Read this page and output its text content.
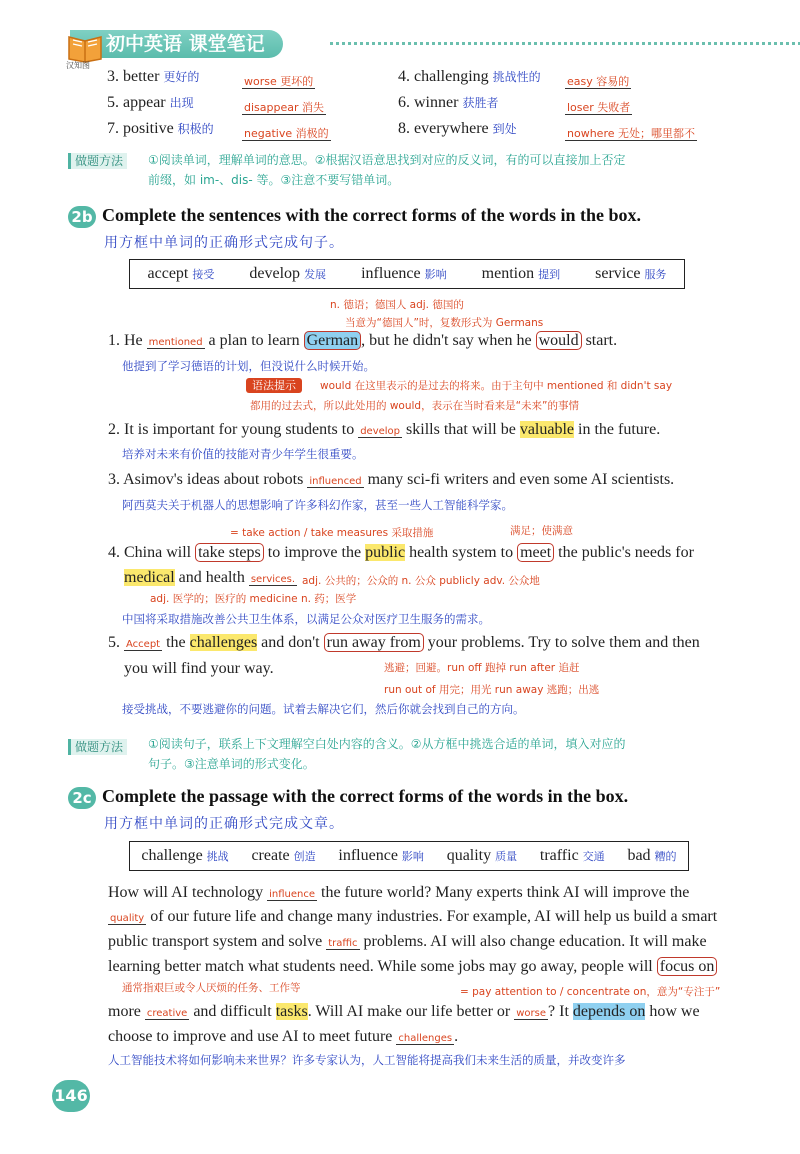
初中英语 课堂笔记
汉知图
3. better 更好的	worse 更坏的	4. challenging 挑战性的 easy 容易的
5. appear 出现	disappear 消失	6. winner 获胜者	loser 失败者
7. positive 积极的	negative 消极的	8. everywhere 到处	nowhere 无处；哪里都不
做题方法	①阅读单词，理解单词的意思。②根据汉语意思找到对应的反义词，有的可以直接加上否定
前缀，如 im-、dis- 等。③注意不要写错单词。
2b Complete the sentences with the correct forms of the words in the box.
用方框中单词的正确形式完成句子。
accept 接受 develop 发展 influence 影响 mention 提到 service 服务
n. 德语；德国人 adj. 德国的
当意为“德国人”时，复数形式为 Germans
1. He mentioned a plan to learn German , but he didn't say when he would start.
他提到了学习德语的计划，但没说什么时候开始。
语法提示	would 在这里表示的是过去的将来。由于主句中 mentioned 和 didn't say
都用的过去式，所以此处用的 would，表示在当时看来是“未来”的事情
2. It is important for young students to develop skills that will be valuable in the future.
培养对未来有价值的技能对青少年学生很重要。
3. Asimov's ideas about robots influenced many sci-fi writers and even some AI scientists.
阿西莫夫关于机器人的思想影响了许多科幻作家，甚至一些人工智能科学家。
= take action / take measures 采取措施	满足；使满意
4. China will take steps to improve the public health system to meet the public's needs for
medical and health services. adj. 公共的；公众的 n. 公众 publicly adv. 公众地
adj. 医学的；医疗的 medicine n. 药；医学
中国将采取措施改善公共卫生体系，以满足公众对医疗卫生服务的需求。
5. Accept the challenges and don't run away from your problems. Try to solve them and then
you will find your way.	逃避；回避。run off 跑掉 run after 追赶
run out of 用完；用光 run away 逃跑；出逃
接受挑战，不要逃避你的问题。试着去解决它们，然后你就会找到自己的方向。
做题方法	①阅读句子，联系上下文理解空白处内容的含义。②从方框中挑选合适的单词，填入对应的
句子。③注意单词的形式变化。
2c Complete the passage with the correct forms of the words in the box.
用方框中单词的正确形式完成文章。
challenge 挑战 create 创造 influence 影响 quality 质量 traffic 交通 bad 糟的
How will AI technology influence the future world? Many experts think AI will improve the
quality of our future life and change many industries. For example, AI will help us build a smart
public transport system and solve traffic problems. AI will also change education. It will make
learning better match what students need. While some jobs may go away, people will focus on
通常指艰巨或令人厌烦的任务、工作等	= pay attention to / concentrate on，意为“专注于”
more creative and difficult tasks. Will AI make our life better or worse ? It depends on how we
choose to improve and use AI to meet future challenges .
人工智能技术将如何影响未来世界？许多专家认为，人工智能将提高我们未来生活的质量，并改变许多
146
